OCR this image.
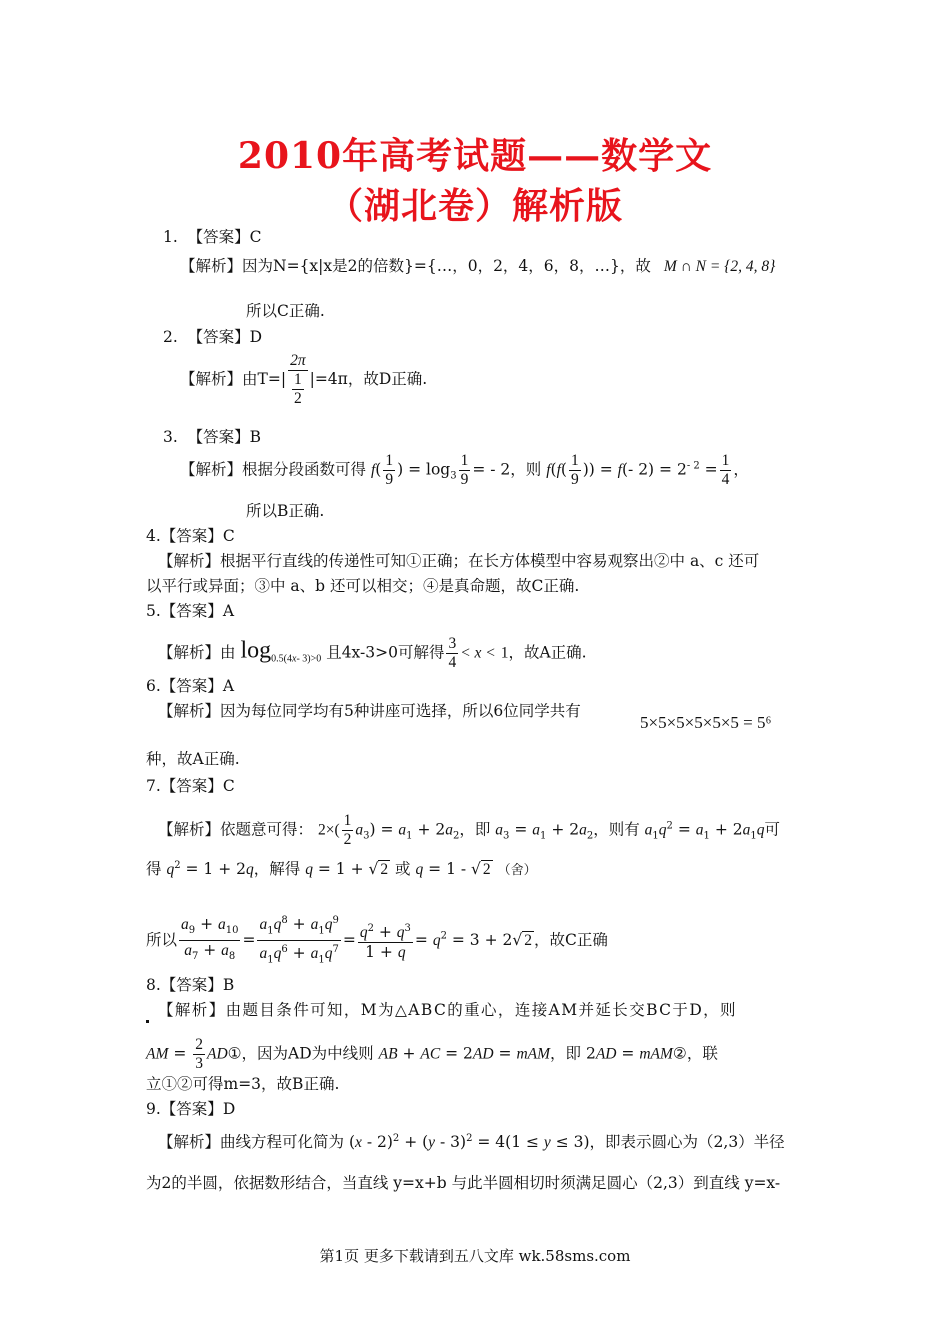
2010年高考试题——数学文
（湖北卷）解析版
1. 【答案】C
【解析】因为N={x|x是2的倍数}={…，0，2，4，6，8，…}，故 M ∩ N = {2, 4, 8}
所以C正确.
2. 【答案】D
【解析】由$T=| \frac{2\pi}{\frac{1}{2}} |=4\pi$，故D正确.
3. 【答案】B
【解析】根据分段函数可得 $f( \frac{1}{9}$ ) = $\log_3 \frac{1}{9}$ = - 2，则 $f(f( \frac{1}{9}$ )) = f(- $2) = 2^{- 2} = \frac{1}{4}$ ，
所以B正确.
4.【答案】C
【解析】根据平行直线的传递性可知①正确；在长方体模型中容易观察出②中 a、c 还可
以平行或异面；③中 a、b 还可以相交；④是真命题，故C正确.
5.【答案】A
【解析】由 $\log_{0.5(4x- 3)>0}$ 且4x-3>0可解得 $\frac{3}{4} < x < 1$，故A正确.
6.【答案】A
【解析】因为每位同学均有5种讲座可选择，所以6位同学共有
5×5×5×5×5×5 = 5⁶
种，故A正确.
7.【答案】C
【解析】依题意可得： $2\times( \frac{1}{2} a_3) = a_1 + 2a_2$，即 $a_3 = a_1 + 2a_2$，则有 $a_1q^2 = a_1 + 2a_1q$可
得 $q^2 = 1 + 2q$，解得 q = 1 + √ 2 或 q = 1 - √ 2 （舍）
所以 $\frac{a_9 + a_{10}}{a_7 + a_8} = \frac{a_1q^8 + a_1q^9}{a_1q^6 + a_1q^7} = \frac{q^2 + q^3}{1 + q} = q^2 = 3 + 2√$ 2 ，故C正确
8.【答案】B
【解析】由题目条件可知，M为△ABC的重心，连接AM并延长交BC于D，则
AM = $\frac{2}{3}$ AD①，因为AD为中线则 AB + AC = 2AD = mAM，即 2AD = mAM②，联
立①②可得m=3，故B正确.
9.【答案】D
【解析】曲线方程可化简为 (x - 2)$^2$ + (y - 3)$^2$ = 4(1 ≤ y ≤ 3)，即表示圆心为（2,3）半径
为2的半圆，依据数形结合，当直线 y=x+b 与此半圆相切时须满足圆心（2,3）到直线 y=x-
第1页 更多下载请到五八文库 wk.58sms.com
